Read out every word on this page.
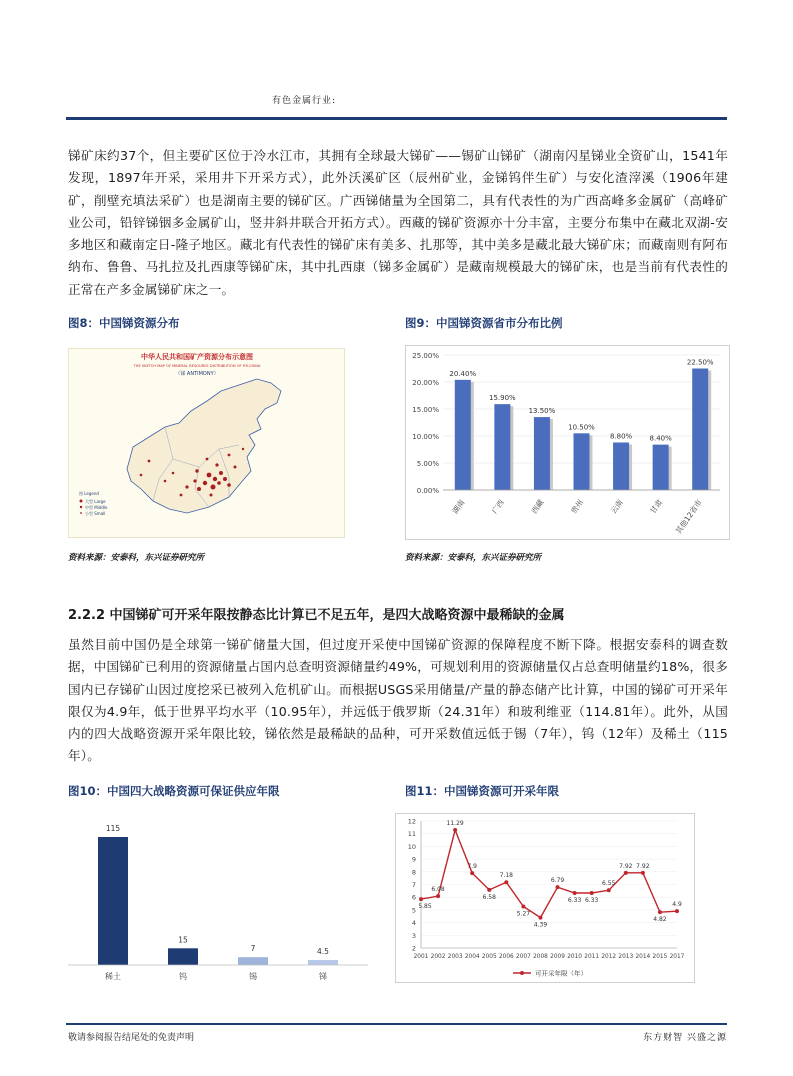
有色金属行业:

锑矿床约37个，但主要矿区位于冷水江市，其拥有全球最大锑矿——锡矿山锑矿（湖南闪星锑业全资矿山，1541年发现，1897年开采，采用井下开采方式），此外沃溪矿区（辰州矿业，金锑钨伴生矿）与安化渣滓溪（1906年建矿，削壁充填法采矿）也是湖南主要的锑矿区。广西锑储量为全国第二，具有代表性的为广西高峰多金属矿（高峰矿业公司，铅锌锑铟多金属矿山，竖井斜井联合开拓方式）。西藏的锑矿资源亦十分丰富，主要分布集中在藏北双湖-安多地区和藏南定日-隆子地区。藏北有代表性的锑矿床有美多、扎那等，其中美多是藏北最大锑矿床；而藏南则有阿布纳布、鲁鲁、马扎拉及扎西康等锑矿床，其中扎西康（锑多金属矿）是藏南规模最大的锑矿床，也是当前有代表性的正常在产多金属锑矿床之一。

图8：中国锑资源分布	图9：中国锑资源省市分布比例
中华人民共和国矿产资源分布示意图
THE SKETCH MAP OF MINERAL RESOURCE DISTRIBUTION OF P.R.CHINA
（锑 ANTIMONY）
图 Legend
大型 Large
中型 Middle
小型 Small
0.00%
5.00%
10.00%
15.00%
20.00%
25.00%
20.40%
湖南
15.90%
广西
13.50%
西藏
10.50%
贵州
8.80%
云南
8.40%
甘肃
22.50%
其他12省市
资料来源：安泰科，东兴证券研究所	资料来源：安泰科，东兴证券研究所
2.2.2 中国锑矿可开采年限按静态比计算已不足五年，是四大战略资源中最稀缺的金属

虽然目前中国仍是全球第一锑矿储量大国，但过度开采使中国锑矿资源的保障程度不断下降。根据安泰科的调查数据，中国锑矿已利用的资源储量占国内总查明资源储量约49%，可规划利用的资源储量仅占总查明储量约18%，很多国内已存锑矿山因过度挖采已被列入危机矿山。而根据USGS采用储量/产量的静态储产比计算，中国的锑矿可开采年限仅为4.9年，低于世界平均水平（10.95年），并远低于俄罗斯（24.31年）和玻利维亚（114.81年）。此外，从国内的四大战略资源开采年限比较，锑依然是最稀缺的品种，可开采数值远低于锡（7年），钨（12年）及稀土（115年）。

图10：中国四大战略资源可保证供应年限	图11：中国锑资源可开采年限
115
稀土
15
钨
7
锡
4.5
锑
2
3
4
5
6
7
8
9
10
11
12
5.85
2001
6.08
2002
11.29
2003
7.9
2004
6.58
2005
7.18
2006
5.27
2007
4.39
2008
6.79
2009
6.33
2010
6.33
2011
6.55
2012
7.92
2013
7.92
2014
4.82
2015
4.9
2017
可开采年限（年）
敬请参阅报告结尾处的免责声明	东方财智 兴盛之源
